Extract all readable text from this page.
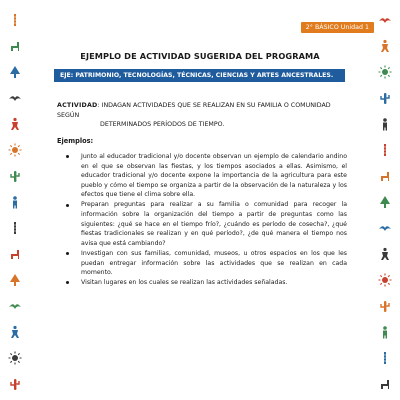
2° BÁSICO Unidad 1
EJEMPLO DE ACTIVIDAD SUGERIDA DEL PROGRAMA
EJE: PATRIMONIO, TECNOLOGÍAS, TÉCNICAS, CIENCIAS Y ARTES ANCESTRALES.
ACTIVIDAD: INDAGAN ACTIVIDADES QUE SE REALIZAN EN SU FAMILIA O COMUNIDAD SEGÚN
DETERMINADOS PERÍODOS DE TIEMPO.
Ejemplos:
Junto al educador tradicional y/o docente observan un ejemplo de calendario andino en el que se observan las fiestas, y los tiempos asociados a ellas. Asimismo, el educador tradicional y/o docente expone la importancia de la agricultura para este pueblo y cómo el tiempo se organiza a partir de la observación de la naturaleza y los efectos que tiene el clima sobre ella.
Preparan preguntas para realizar a su familia o comunidad para recoger la información sobre la organización del tiempo a partir de preguntas como las siguientes: ¿qué se hace en el tiempo frío?, ¿cuándo es período de cosecha?, ¿qué fiestas tradicionales se realizan y en qué período?, ¿de qué manera el tiempo nos avisa que está cambiando?
Investigan con sus familias, comunidad, museos, u otros espacios en los que les puedan entregar información sobre las actividades que se realizan en cada momento.
Visitan lugares en los cuales se realizan las actividades señaladas.
